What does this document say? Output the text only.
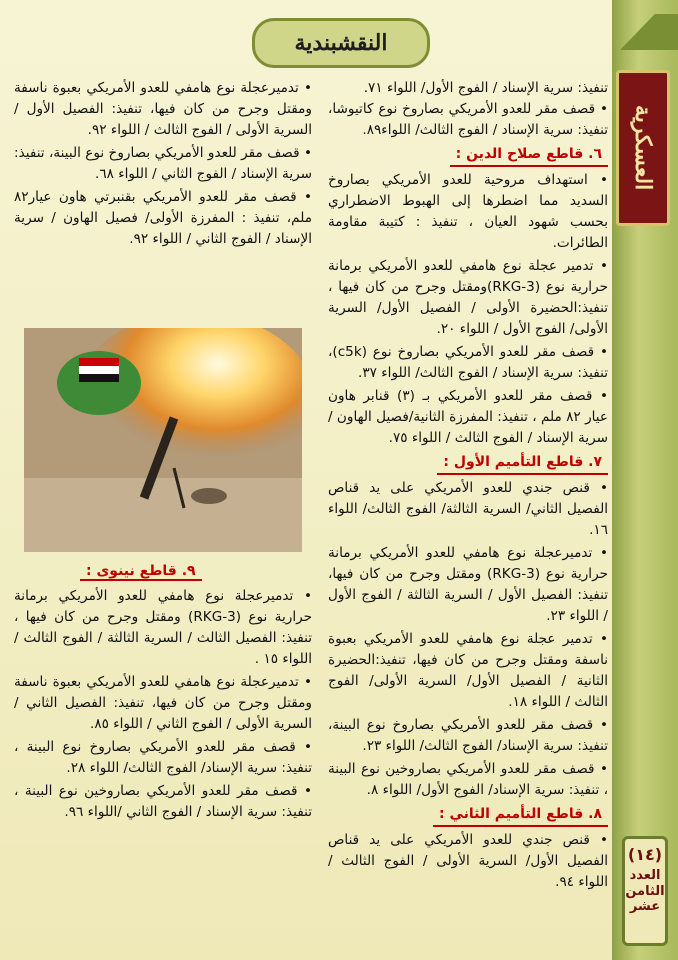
العسكرية
(١٤)
العدد
الثامن
عشر
النقشبندية
تنفيذ: سرية الإسناد / الفوج الأول/ اللواء ٧١.
• قصف مقر للعدو الأمريكي بصاروخ نوع كاتيوشا، تنفيذ: سرية الإسناد / الفوج الثالث/ اللواء٨٩.
٦. قاطع صلاح الدين :
• استهداف مروحية للعدو الأمريكي بصاروخ السديد مما اضطرها إلى الهبوط الاضطراري بحسب شهود العيان ، تنفيذ : كتيبة مقاومة الطائرات.
• تدمير عجلة نوع هامفي للعدو الأمريكي برمانة حرارية نوع (RKG-3)ومقتل وجرح من كان فيها ، تنفيذ:الحضيرة الأولى / الفصيل الأول/ السرية الأولى/ الفوج الأول / اللواء ٢٠.
• قصف مقر للعدو الأمريكي بصاروخ نوع (c5k)، تنفيذ: سرية الإسناد / الفوج الثالث/ اللواء ٣٧.
• قصف مقر للعدو الأمريكي بـ (٣) قنابر هاون عيار ٨٢ ملم ، تنفيذ: المفرزة الثانية/فصيل الهاون / سرية الإسناد / الفوج الثالث / اللواء ٧٥.
٧. قاطع التأميم الأول :
• قنص جندي للعدو الأمريكي على يد قناص الفصيل الثاني/ السرية الثالثة/ الفوج الثالث/ اللواء ١٦.
• تدميرعجلة نوع هامفي للعدو الأمريكي برمانة حرارية نوع (RKG-3) ومقتل وجرح من كان فيها، تنفيذ: الفصيل الأول / السرية الثالثة / الفوج الأول / اللواء ٢٣.
• تدمير عجلة نوع هامفي للعدو الأمريكي بعبوة ناسفة ومقتل وجرح من كان فيها، تنفيذ:الحضيرة الثانية / الفصيل الأول/ السرية الأولى/ الفوج الثالث / اللواء ١٨.
• قصف مقر للعدو الأمريكي بصاروخ نوع البينة، تنفيذ: سرية الإسناد/ الفوج الثالث/ اللواء ٢٣.
• قصف مقر للعدو الأمريكي بصاروخين نوع البينة ، تنفيذ: سرية الإسناد/ الفوج الأول/ اللواء ٨.
٨. قاطع التأميم الثاني :
• قنص جندي للعدو الأمريكي على يد قناص الفصيل الأول/ السرية الأولى / الفوج الثالث / اللواء ٩٤.
• تدميرعجلة نوع هامفي للعدو الأمريكي بعبوة ناسفة ومقتل وجرح من كان فيها، تنفيذ: الفصيل الأول / السرية الأولى / الفوج الثالث / اللواء ٩٢.
• قصف مقر للعدو الأمريكي بصاروخ نوع البينة، تنفيذ: سرية الإسناد / الفوج الثاني / اللواء ٦٨.
• قصف مقر للعدو الأمريكي بقنبرتي هاون عيار٨٢ ملم، تنفيذ : المفرزة الأولى/ فصيل الهاون / سرية الإسناد / الفوج الثاني / اللواء ٩٢.
٩. قاطع نينوى :
• تدميرعجلة نوع هامفي للعدو الأمريكي برمانة حرارية نوع (RKG-3) ومقتل وجرح من كان فيها ، تنفيذ: الفصيل الثالث / السرية الثالثة / الفوج الثالث / اللواء ١٥ .
• تدميرعجلة نوع هامفي للعدو الأمريكي بعبوة ناسفة ومقتل وجرح من كان فيها، تنفيذ: الفصيل الثاني / السرية الأولى / الفوج الثاني / اللواء ٨٥.
• قصف مقر للعدو الأمريكي بصاروخ نوع البينة ، تنفيذ: سرية الإسناد/ الفوج الثالث/ اللواء ٢٨.
• قصف مقر للعدو الأمريكي بصاروخين نوع البينة ، تنفيذ: سرية الإسناد / الفوج الثاني /اللواء ٩٦.
